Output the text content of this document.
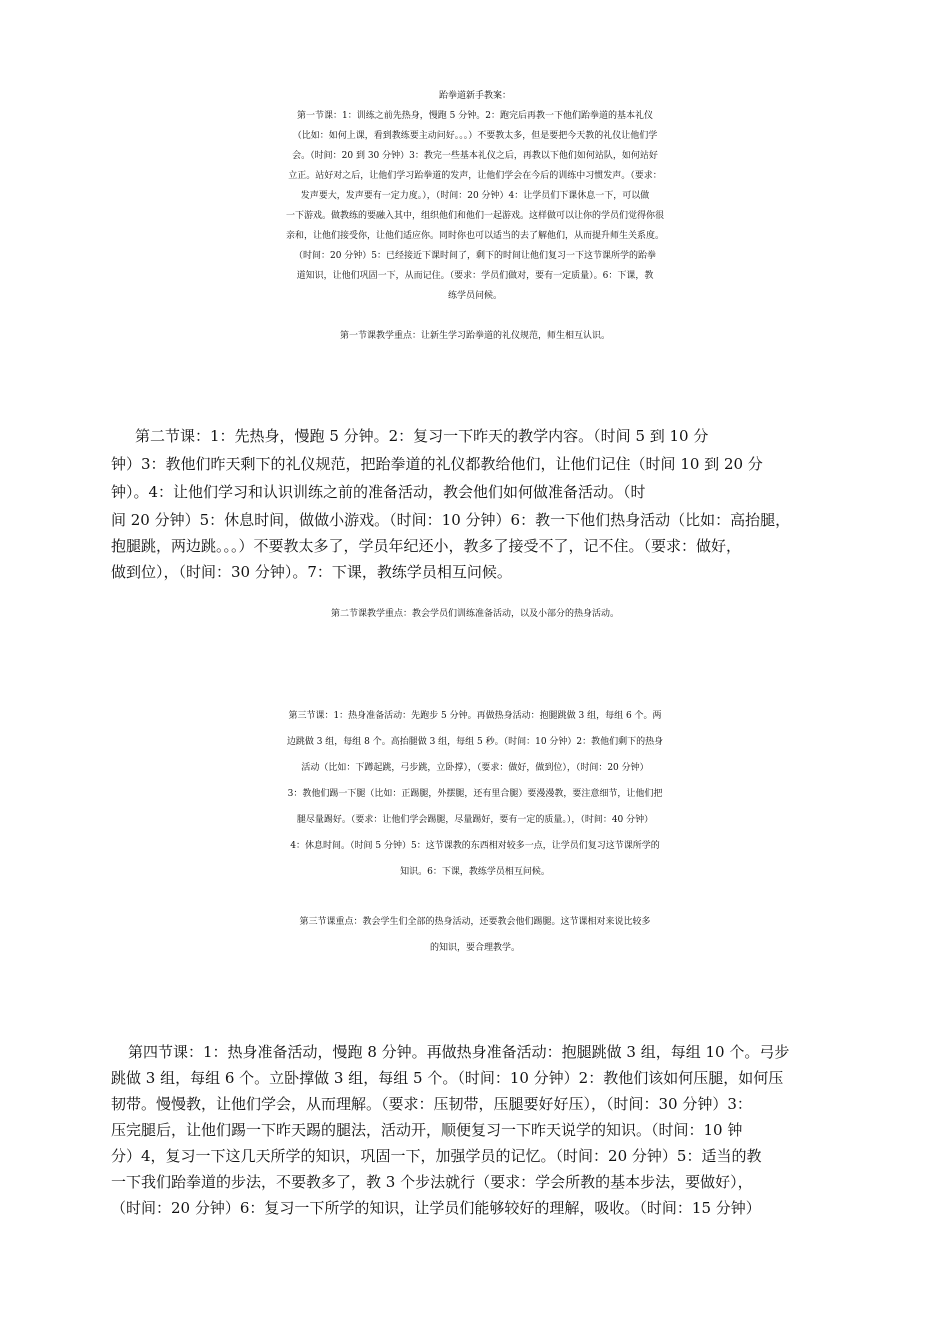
跆拳道新手教案：
第一节课：1：训练之前先热身，慢跑 5 分钟。2：跑完后再教一下他们跆拳道的基本礼仪
（比如：如何上课，看到教练要主动问好。。。）不要教太多，但是要把今天教的礼仪让他们学
会。（时间：20 到 30 分钟）3：教完一些基本礼仪之后，再教以下他们如何站队，如何站好
立正。站好对之后，让他们学习跆拳道的发声，让他们学会在今后的训练中习惯发声。（要求：
发声要大，发声要有一定力度。），（时间：20 分钟）4：让学员们下课休息一下，可以做
一下游戏。做教练的要融入其中，组织他们和他们一起游戏。这样做可以让你的学员们觉得你很
亲和，让他们接受你，让他们适应你。同时你也可以适当的去了解他们，从而提升师生关系度。
（时间：20 分钟）5：已经接近下课时间了，剩下的时间让他们复习一下这节课所学的跆拳
道知识，让他们巩固一下，从而记住。（要求：学员们做对，要有一定质量）。6：下课，教
练学员问候。
第一节课教学重点：让新生学习跆拳道的礼仪规范，师生相互认识。
第二节课：1：先热身，慢跑 5 分钟。2：复习一下昨天的教学内容。（时间 5 到 10 分
钟）3：教他们昨天剩下的礼仪规范，把跆拳道的礼仪都教给他们，让他们记住（时间 10 到 20 分
钟）。4：让他们学习和认识训练之前的准备活动，教会他们如何做准备活动。（时
间 20 分钟）5：休息时间，做做小游戏。（时间：10 分钟）6：教一下他们热身活动（比如：高抬腿，
抱腿跳，两边跳。。。）不要教太多了，学员年纪还小，教多了接受不了，记不住。（要求：做好，
做到位），（时间：30 分钟）。7：下课，教练学员相互问候。
第二节课教学重点：教会学员们训练准备活动，以及小部分的热身活动。
第三节课：1：热身准备活动：先跑步 5 分钟。再做热身活动：抱腿跳做 3 组，每组 6 个。两
边跳做 3 组，每组 8 个。高抬腿做 3 组，每组 5 秒。（时间：10 分钟）2：教他们剩下的热身
活动（比如：下蹲起跳，弓步跳，立卧撑），（要求：做好，做到位），（时间：20 分钟）
3：教他们踢一下腿（比如：正踢腿，外摆腿，还有里合腿）要漫漫教，要注意细节，让他们把
腿尽量踢好。（要求：让他们学会踢腿，尽量踢好，要有一定的质量。），（时间：40 分钟）
4：休息时间。（时间 5 分钟）5：这节课教的东西相对较多一点，让学员们复习这节课所学的
知识。6：下课，教练学员相互问候。
第三节课重点：教会学生们全部的热身活动，还要教会他们踢腿。这节课相对来说比较多
的知识，要合理教学。
第四节课：1：热身准备活动，慢跑 8 分钟。再做热身准备活动：抱腿跳做 3 组，每组 10 个。弓步
跳做 3 组，每组 6 个。立卧撑做 3 组，每组 5 个。（时间：10 分钟）2：教他们该如何压腿，如何压
韧带。慢慢教，让他们学会，从而理解。（要求：压韧带，压腿要好好压），（时间：30 分钟）3：
压完腿后，让他们踢一下昨天踢的腿法，活动开，顺便复习一下昨天说学的知识。（时间：10 钟
分）4，复习一下这几天所学的知识，巩固一下，加强学员的记忆。（时间：20 分钟）5：适当的教
一下我们跆拳道的步法，不要教多了，教 3 个步法就行（要求：学会所教的基本步法，要做好），
（时间：20 分钟）6：复习一下所学的知识，让学员们能够较好的理解，吸收。（时间：15 分钟）
